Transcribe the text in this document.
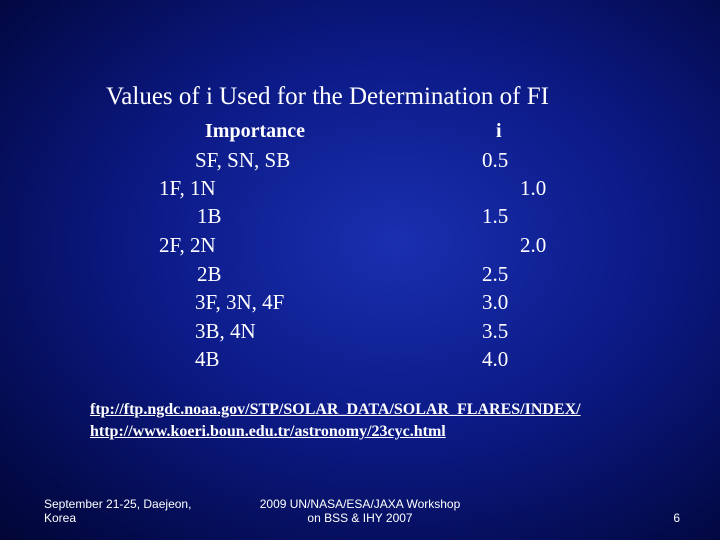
Values of i Used for the Determination of FI
Importance	i
SF, SN, SB	0.5
1F, 1N	1.0
1B	1.5
2F, 2N	2.0
2B	2.5
3F, 3N, 4F	3.0
3B, 4N	3.5
4B	4.0
ftp://ftp.ngdc.noaa.gov/STP/SOLAR_DATA/SOLAR_FLARES/INDEX/
http://www.koeri.boun.edu.tr/astronomy/23cyc.html
September 21-25, Daejeon,
Korea
2009 UN/NASA/ESA/JAXA Workshop
on BSS & IHY 2007	6
